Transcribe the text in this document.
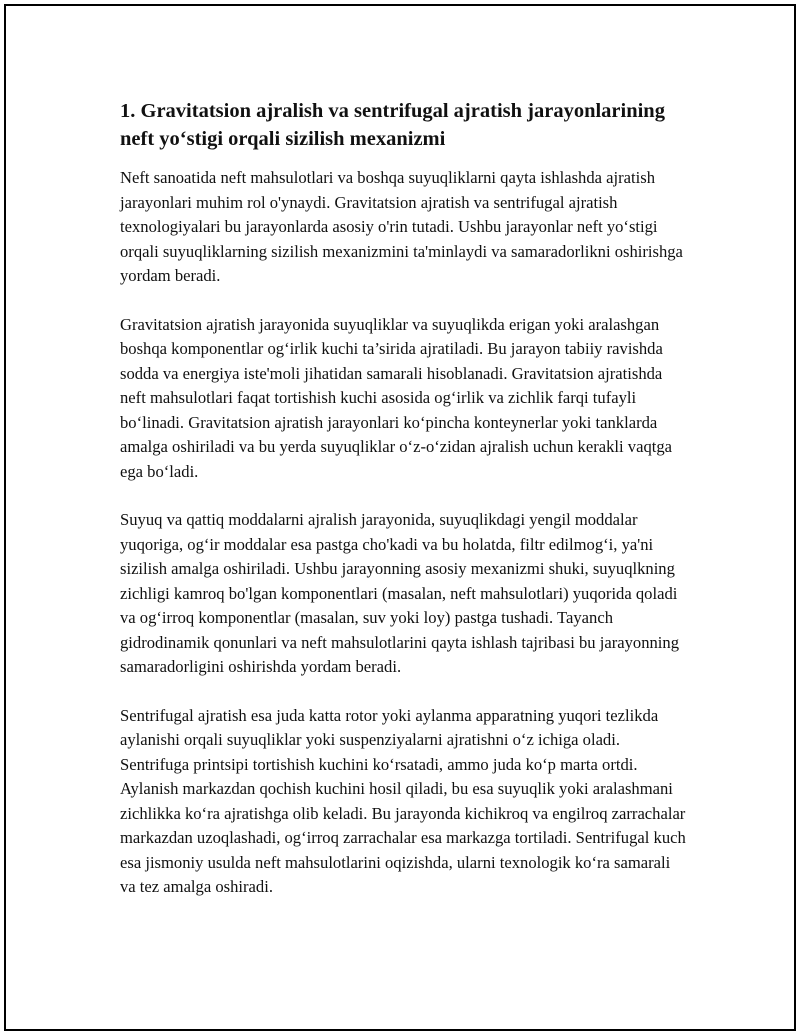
1. Gravitatsion ajralish va sentrifugal ajratish jarayonlarining neft yo‘stigi orqali sizilish mexanizmi

Neft sanoatida neft mahsulotlari va boshqa suyuqliklarni qayta ishlashda ajratish jarayonlari muhim rol o'ynaydi. Gravitatsion ajratish va sentrifugal ajratish texnologiyalari bu jarayonlarda asosiy o'rin tutadi. Ushbu jarayonlar neft yo‘stigi orqali suyuqliklarning sizilish mexanizmini ta'minlaydi va samaradorlikni oshirishga yordam beradi.

Gravitatsion ajratish jarayonida suyuqliklar va suyuqlikda erigan yoki aralashgan boshqa komponentlar og‘irlik kuchi ta’sirida ajratiladi. Bu jarayon tabiiy ravishda sodda va energiya iste'moli jihatidan samarali hisoblanadi. Gravitatsion ajratishda neft mahsulotlari faqat tortishish kuchi asosida og‘irlik va zichlik farqi tufayli bo‘linadi. Gravitatsion ajratish jarayonlari ko‘pincha konteynerlar yoki tanklarda amalga oshiriladi va bu yerda suyuqliklar o‘z-o‘zidan ajralish uchun kerakli vaqtga ega bo‘ladi.

Suyuq va qattiq moddalarni ajralish jarayonida, suyuqlikdagi yengil moddalar yuqoriga, og‘ir moddalar esa pastga cho'kadi va bu holatda, filtr edilmog‘i, ya'ni sizilish amalga oshiriladi. Ushbu jarayonning asosiy mexanizmi shuki, suyuqlkning zichligi kamroq bo'lgan komponentlari (masalan, neft mahsulotlari) yuqorida qoladi va og‘irroq komponentlar (masalan, suv yoki loy) pastga tushadi. Tayanch gidrodinamik qonunlari va neft mahsulotlarini qayta ishlash tajribasi bu jarayonning samaradorligini oshirishda yordam beradi.

Sentrifugal ajratish esa juda katta rotor yoki aylanma apparatning yuqori tezlikda aylanishi orqali suyuqliklar yoki suspenziyalarni ajratishni o‘z ichiga oladi. Sentrifuga printsipi tortishish kuchini ko‘rsatadi, ammo juda ko‘p marta ortdi. Aylanish markazdan qochish kuchini hosil qiladi, bu esa suyuqlik yoki aralashmani zichlikka ko‘ra ajratishga olib keladi. Bu jarayonda kichikroq va engilroq zarrachalar markazdan uzoqlashadi, og‘irroq zarrachalar esa markazga tortiladi. Sentrifugal kuch esa jismoniy usulda neft mahsulotlarini oqizishda, ularni texnologik ko‘ra samarali va tez amalga oshiradi.
